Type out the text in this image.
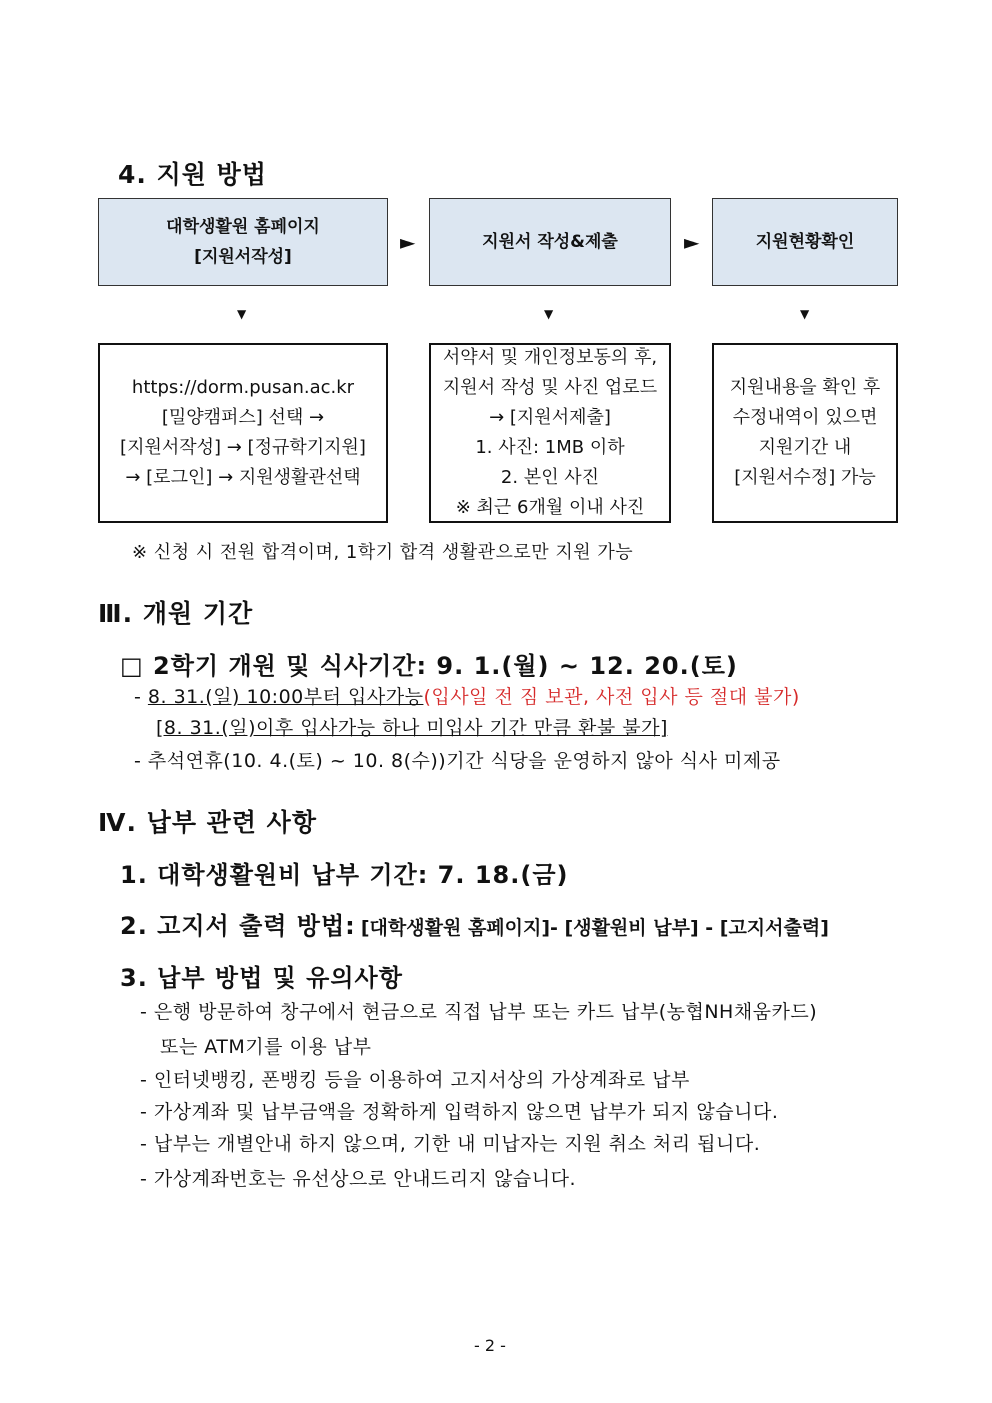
4. 지원 방법
대학생활원 홈페이지
[지원서작성]
►	지원서 작성&제출	►	지원현황확인
▼	▼	▼
https://dorm.pusan.ac.kr
[밀양캠퍼스] 선택 →
[지원서작성] → [정규학기지원]
→ [로그인] → 지원생활관선택
서약서 및 개인정보동의 후,
지원서 작성 및 사진 업로드
→ [지원서제출]
1. 사진: 1MB 이하
2. 본인 사진
※ 최근 6개월 이내 사진
지원내용을 확인 후
수정내역이 있으면
지원기간 내
[지원서수정] 가능
※ 신청 시 전원 합격이며, 1학기 합격 생활관으로만 지원 가능
Ⅲ. 개원 기간
□ 2학기 개원 및 식사기간: 9. 1.(월) ~ 12. 20.(토)
- 8. 31.(일) 10:00부터 입사가능(입사일 전 짐 보관, 사전 입사 등 절대 불가)
[8. 31.(일)이후 입사가능 하나 미입사 기간 만큼 환불 불가]
- 추석연휴(10. 4.(토) ~ 10. 8(수))기간 식당을 운영하지 않아 식사 미제공
Ⅳ. 납부 관련 사항
1. 대학생활원비 납부 기간: 7. 18.(금)
2. 고지서 출력 방법: [대학생활원 홈페이지]- [생활원비 납부] - [고지서출력]
3. 납부 방법 및 유의사항
- 은행 방문하여 창구에서 현금으로 직접 납부 또는 카드 납부(농협NH채움카드)
또는 ATM기를 이용 납부
- 인터넷뱅킹, 폰뱅킹 등을 이용하여 고지서상의 가상계좌로 납부
- 가상계좌 및 납부금액을 정확하게 입력하지 않으면 납부가 되지 않습니다.
- 납부는 개별안내 하지 않으며, 기한 내 미납자는 지원 취소 처리 됩니다.
- 가상계좌번호는 유선상으로 안내드리지 않습니다.
- 2 -
